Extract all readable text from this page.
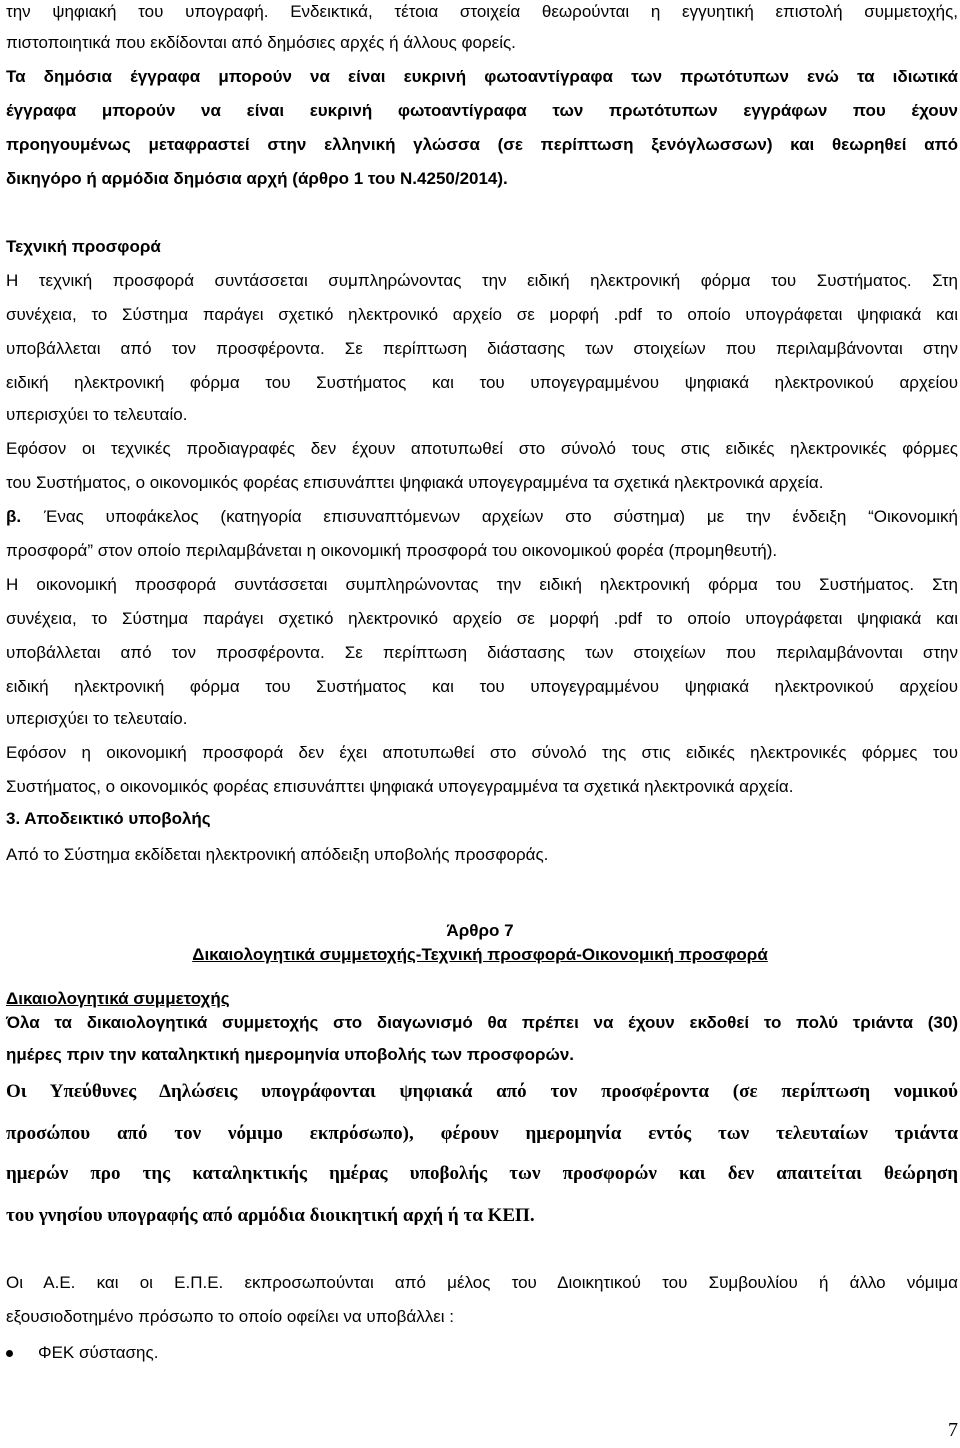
την ψηφιακή του υπογραφή. Ενδεικτικά, τέτοια στοιχεία θεωρούνται η εγγυητική επιστολή συμμετοχής,
πιστοποιητικά που εκδίδονται από δημόσιες αρχές ή άλλους φορείς.
Τα δημόσια έγγραφα μπορούν να είναι ευκρινή φωτοαντίγραφα των πρωτότυπων ενώ τα ιδιωτικά
έγγραφα μπορούν να είναι ευκρινή φωτοαντίγραφα των πρωτότυπων εγγράφων που έχουν
προηγουμένως μεταφραστεί στην ελληνική γλώσσα (σε περίπτωση ξενόγλωσσων) και θεωρηθεί από
δικηγόρο ή αρμόδια δημόσια αρχή (άρθρο 1 του Ν.4250/2014).
Τεχνική προσφορά
Η τεχνική προσφορά συντάσσεται συμπληρώνοντας την ειδική ηλεκτρονική φόρμα του Συστήματος. Στη
συνέχεια, το Σύστημα παράγει σχετικό ηλεκτρονικό αρχείο σε μορφή .pdf το οποίο υπογράφεται ψηφιακά και
υποβάλλεται από τον προσφέροντα. Σε περίπτωση διάστασης των στοιχείων που περιλαμβάνονται στην
ειδική ηλεκτρονική φόρμα του Συστήματος και του υπογεγραμμένου ψηφιακά ηλεκτρονικού αρχείου
υπερισχύει το τελευταίο.
Εφόσον οι τεχνικές προδιαγραφές δεν έχουν αποτυπωθεί στο σύνολό τους στις ειδικές ηλεκτρονικές φόρμες
του Συστήματος, ο οικονομικός φορέας επισυνάπτει ψηφιακά υπογεγραμμένα τα σχετικά ηλεκτρονικά αρχεία.
β. Ένας υποφάκελος (κατηγορία επισυναπτόμενων αρχείων στο σύστημα) με την ένδειξη “Οικονομική
προσφορά” στον οποίο περιλαμβάνεται η οικονομική προσφορά του οικονομικού φορέα (προμηθευτή).
Η οικονομική προσφορά συντάσσεται συμπληρώνοντας την ειδική ηλεκτρονική φόρμα του Συστήματος. Στη
συνέχεια, το Σύστημα παράγει σχετικό ηλεκτρονικό αρχείο σε μορφή .pdf το οποίο υπογράφεται ψηφιακά και
υποβάλλεται από τον προσφέροντα. Σε περίπτωση διάστασης των στοιχείων που περιλαμβάνονται στην
ειδική ηλεκτρονική φόρμα του Συστήματος και του υπογεγραμμένου ψηφιακά ηλεκτρονικού αρχείου
υπερισχύει το τελευταίο.
Εφόσον η οικονομική προσφορά δεν έχει αποτυπωθεί στο σύνολό της στις ειδικές ηλεκτρονικές φόρμες του
Συστήματος, ο οικονομικός φορέας επισυνάπτει ψηφιακά υπογεγραμμένα τα σχετικά ηλεκτρονικά αρχεία.
3. Αποδεικτικό υποβολής
Από το Σύστημα εκδίδεται ηλεκτρονική απόδειξη υποβολής προσφοράς.
Άρθρο 7
Δικαιολογητικά συμμετοχής-Τεχνική προσφορά-Οικονομική προσφορά
Δικαιολογητικά συμμετοχής
Όλα τα δικαιολογητικά συμμετοχής στο διαγωνισμό θα πρέπει να έχουν εκδοθεί το πολύ τριάντα (30)
ημέρες πριν την καταληκτική ημερομηνία υποβολής των προσφορών.
Οι Υπεύθυνες Δηλώσεις υπογράφονται ψηφιακά από τον προσφέροντα (σε περίπτωση νομικού
προσώπου από τον νόμιμο εκπρόσωπο), φέρουν ημερομηνία εντός των τελευταίων τριάντα
ημερών προ της καταληκτικής ημέρας υποβολής των προσφορών και δεν απαιτείται θεώρηση
του γνησίου υπογραφής από αρμόδια διοικητική αρχή ή τα ΚΕΠ.
Οι Α.Ε. και οι Ε.Π.Ε. εκπροσωπούνται από μέλος του Διοικητικού του Συμβουλίου ή άλλο νόμιμα
εξουσιοδοτημένο πρόσωπο το οποίο οφείλει να υποβάλλει :
ΦΕΚ σύστασης.
7
